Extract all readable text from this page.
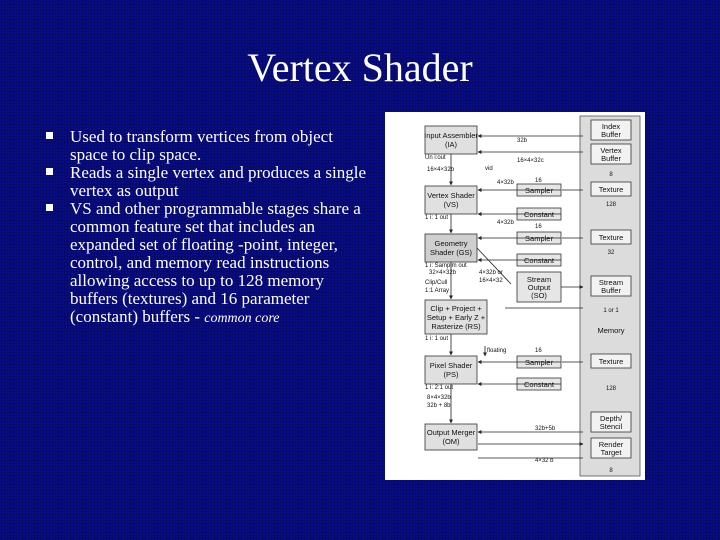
Vertex Shader
Used to transform vertices from object space to clip space.
Reads a single vertex and produces a single vertex as output
VS and other programmable stages share a common feature set that includes an expanded set of floating -point, integer, control, and memory read instructions allowing access to up to 128 memory buffers (textures) and 16 parameter (constant) buffers - common core
Input Assembler
(IA)
Vertex Shader
(VS)
Geometry
Shader (GS)
Clip + Project +
Setup + Early Z +
Rasterize (RS)
Pixel Shader
(PS)
Output Merger
(OM)
Un i:out
1 i: 1 out
1 i: Samplm out
Clip/Cull
1:1 Array
1 i: 1 out
1 i: 2:1 out
Sampler
Constant
Sampler
Constant
Stream
Output
(SO)
Sampler
Constant
Index
Buffer
Vertex
Buffer
Texture
Texture
Stream
Buffer
Memory
Texture
Depth/
Stencil
Render
Target
32b
16×4×32b
16×4×32c
8
16
4×32b
128
16
4×32b
32
32×4×32b	4×32b or
16×4×32
1 or 1
16
128
8×4×32b
32b + 8b
32b+5b
4×32 b
8
floating
vid
